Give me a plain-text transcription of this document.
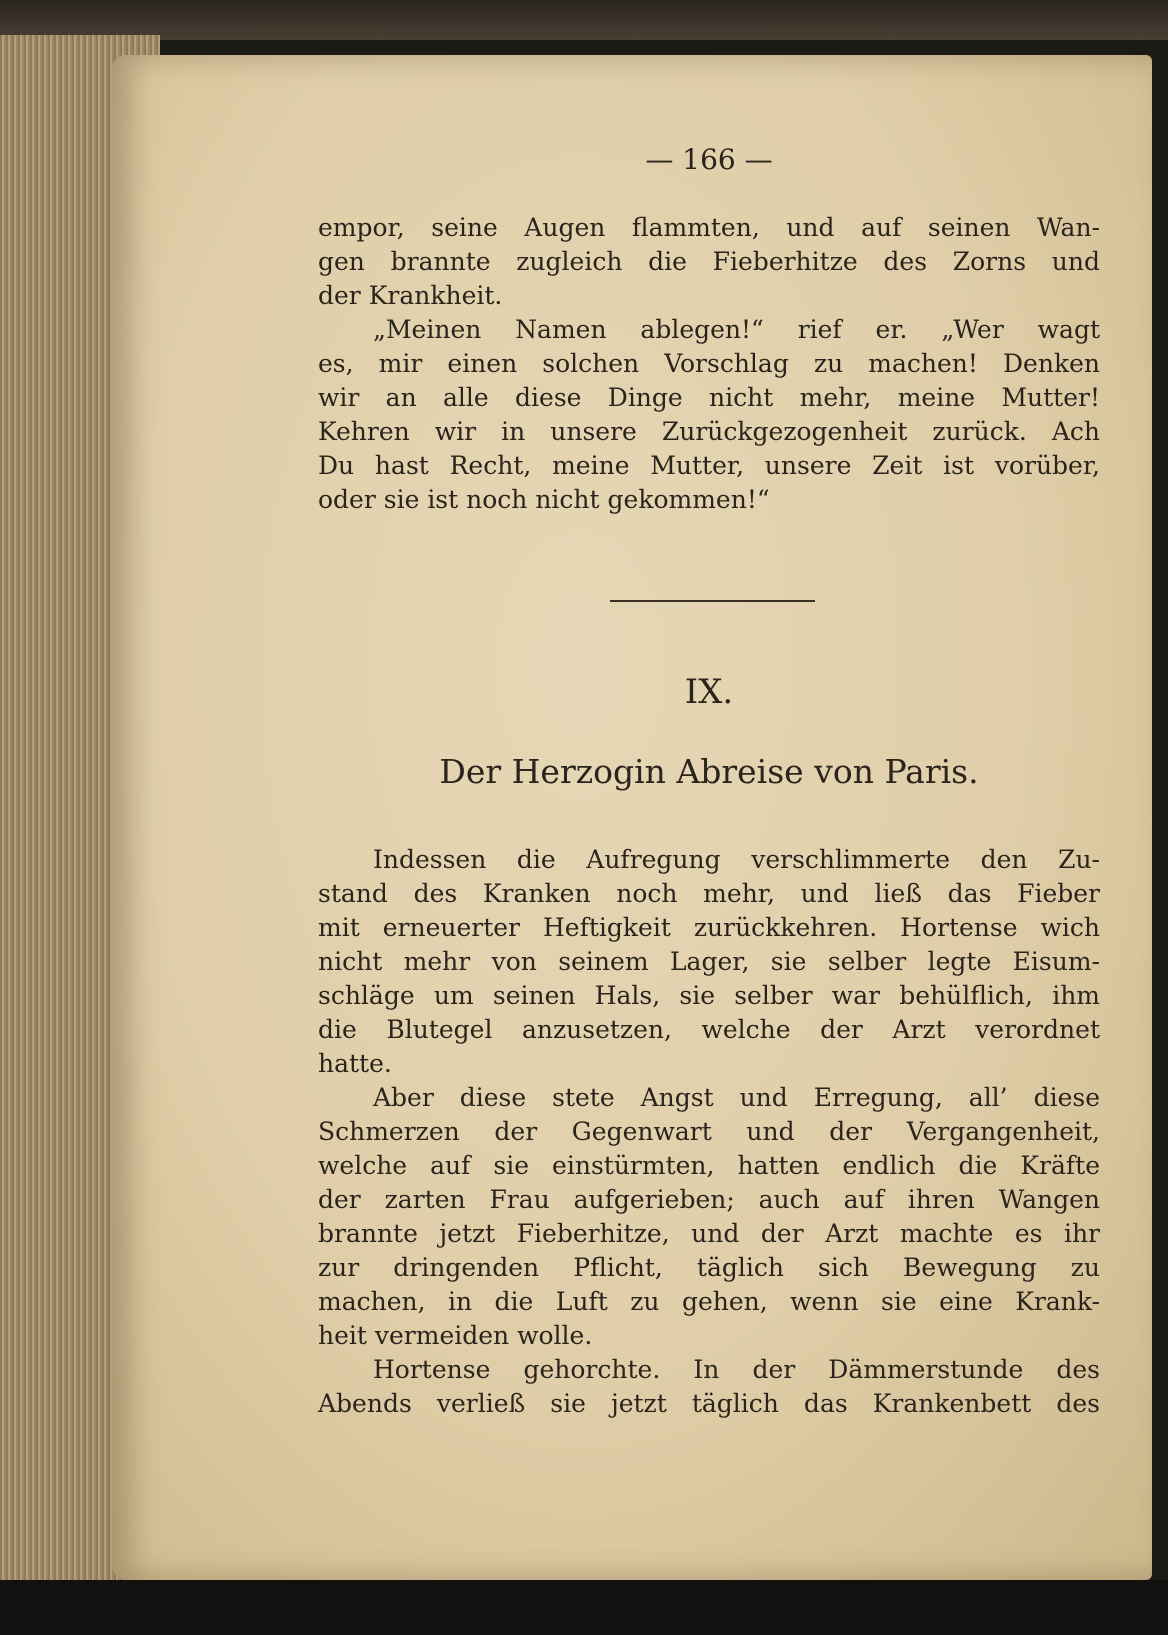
— 166 —
empor, seine Augen flammten, und auf seinen Wan-
gen brannte zugleich die Fieberhitze des Zorns und
der Krankheit.
„Meinen Namen ablegen!“ rief er. „Wer wagt
es, mir einen solchen Vorschlag zu machen! Denken
wir an alle diese Dinge nicht mehr, meine Mutter!
Kehren wir in unsere Zurückgezogenheit zurück. Ach
Du hast Recht, meine Mutter, unsere Zeit ist vorüber,
oder sie ist noch nicht gekommen!“
IX.
Der Herzogin Abreise von Paris.
Indessen die Aufregung verschlimmerte den Zu-
stand des Kranken noch mehr, und ließ das Fieber
mit erneuerter Heftigkeit zurückkehren. Hortense wich
nicht mehr von seinem Lager, sie selber legte Eisum-
schläge um seinen Hals, sie selber war behülflich, ihm
die Blutegel anzusetzen, welche der Arzt verordnet
hatte.
Aber diese stete Angst und Erregung, all’ diese
Schmerzen der Gegenwart und der Vergangenheit,
welche auf sie einstürmten, hatten endlich die Kräfte
der zarten Frau aufgerieben; auch auf ihren Wangen
brannte jetzt Fieberhitze, und der Arzt machte es ihr
zur dringenden Pflicht, täglich sich Bewegung zu
machen, in die Luft zu gehen, wenn sie eine Krank-
heit vermeiden wolle.
Hortense gehorchte. In der Dämmerstunde des
Abends verließ sie jetzt täglich das Krankenbett des
